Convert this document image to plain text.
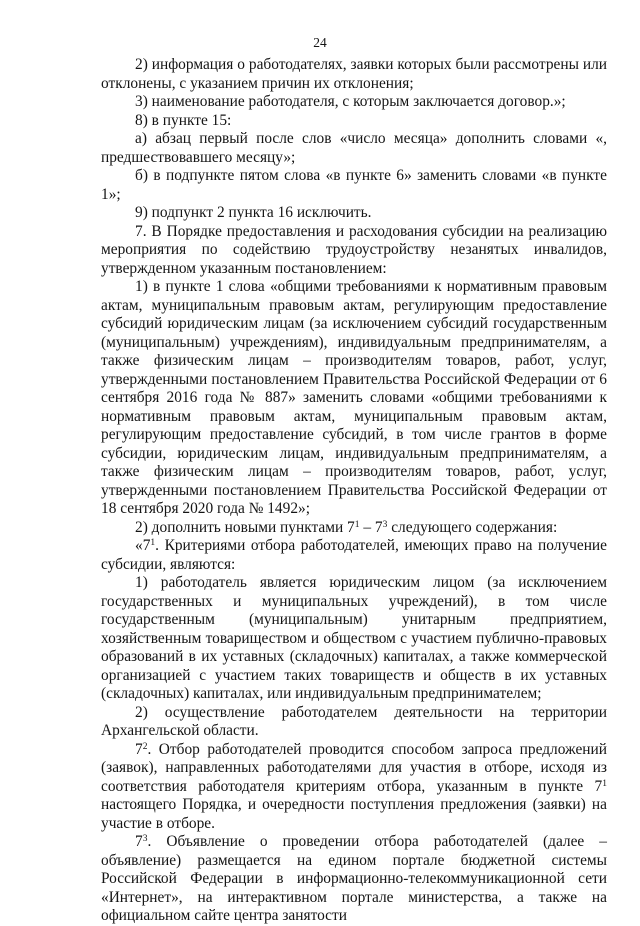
24

2) информация о работодателях, заявки которых были рассмотрены или отклонены, с указанием причин их отклонения;

3) наименование работодателя, с которым заключается договор.»;

8) в пункте 15:

а) абзац первый после слов «число месяца» дополнить словами «, предшествовавшего месяцу»;

б) в подпункте пятом слова «в пункте 6» заменить словами «в пункте 1»;

9) подпункт 2 пункта 16 исключить.

7. В Порядке предоставления и расходования субсидии на реализацию мероприятия по содействию трудоустройству незанятых инвалидов, утвержденном указанным постановлением:

1) в пункте 1 слова «общими требованиями к нормативным правовым актам, муниципальным правовым актам, регулирующим предоставление субсидий юридическим лицам (за исключением субсидий государственным (муниципальным) учреждениям), индивидуальным предпринимателям, а также физическим лицам – производителям товаров, работ, услуг, утвержденными постановлением Правительства Российской Федерации от 6 сентября 2016 года № 887» заменить словами «общими требованиями к нормативным правовым актам, муниципальным правовым актам, регулирующим предоставление субсидий, в том числе грантов в форме субсидии, юридическим лицам, индивидуальным предпринимателям, а также физическим лицам – производителям товаров, работ, услуг, утвержденными постановлением Правительства Российской Федерации от 18 сентября 2020 года № 1492»;

2) дополнить новыми пунктами $7^1 - 7^3$ следующего содержания:

«$7^1$. Критериями отбора работодателей, имеющих право на получение субсидии, являются:

1) работодатель является юридическим лицом (за исключением государственных и муниципальных учреждений), в том числе государственным (муниципальным) унитарным предприятием, хозяйственным товариществом и обществом с участием публично-правовых образований в их уставных (складочных) капиталах, а также коммерческой организацией с участием таких товариществ и обществ в их уставных (складочных) капиталах, или индивидуальным предпринимателем;

2) осуществление работодателем деятельности на территории Архангельской области.

$7^2$. Отбор работодателей проводится способом запроса предложений (заявок), направленных работодателями для участия в отборе, исходя из соответствия работодателя критериям отбора, указанным в пункте $7^1$ настоящего Порядка, и очередности поступления предложения (заявки) на участие в отборе.

$7^3$. Объявление о проведении отбора работодателей (далее – объявление) размещается на едином портале бюджетной системы Российской Федерации в информационно-телекоммуникационной сети «Интернет», на интерактивном портале министерства, а также на официальном сайте центра занятости
